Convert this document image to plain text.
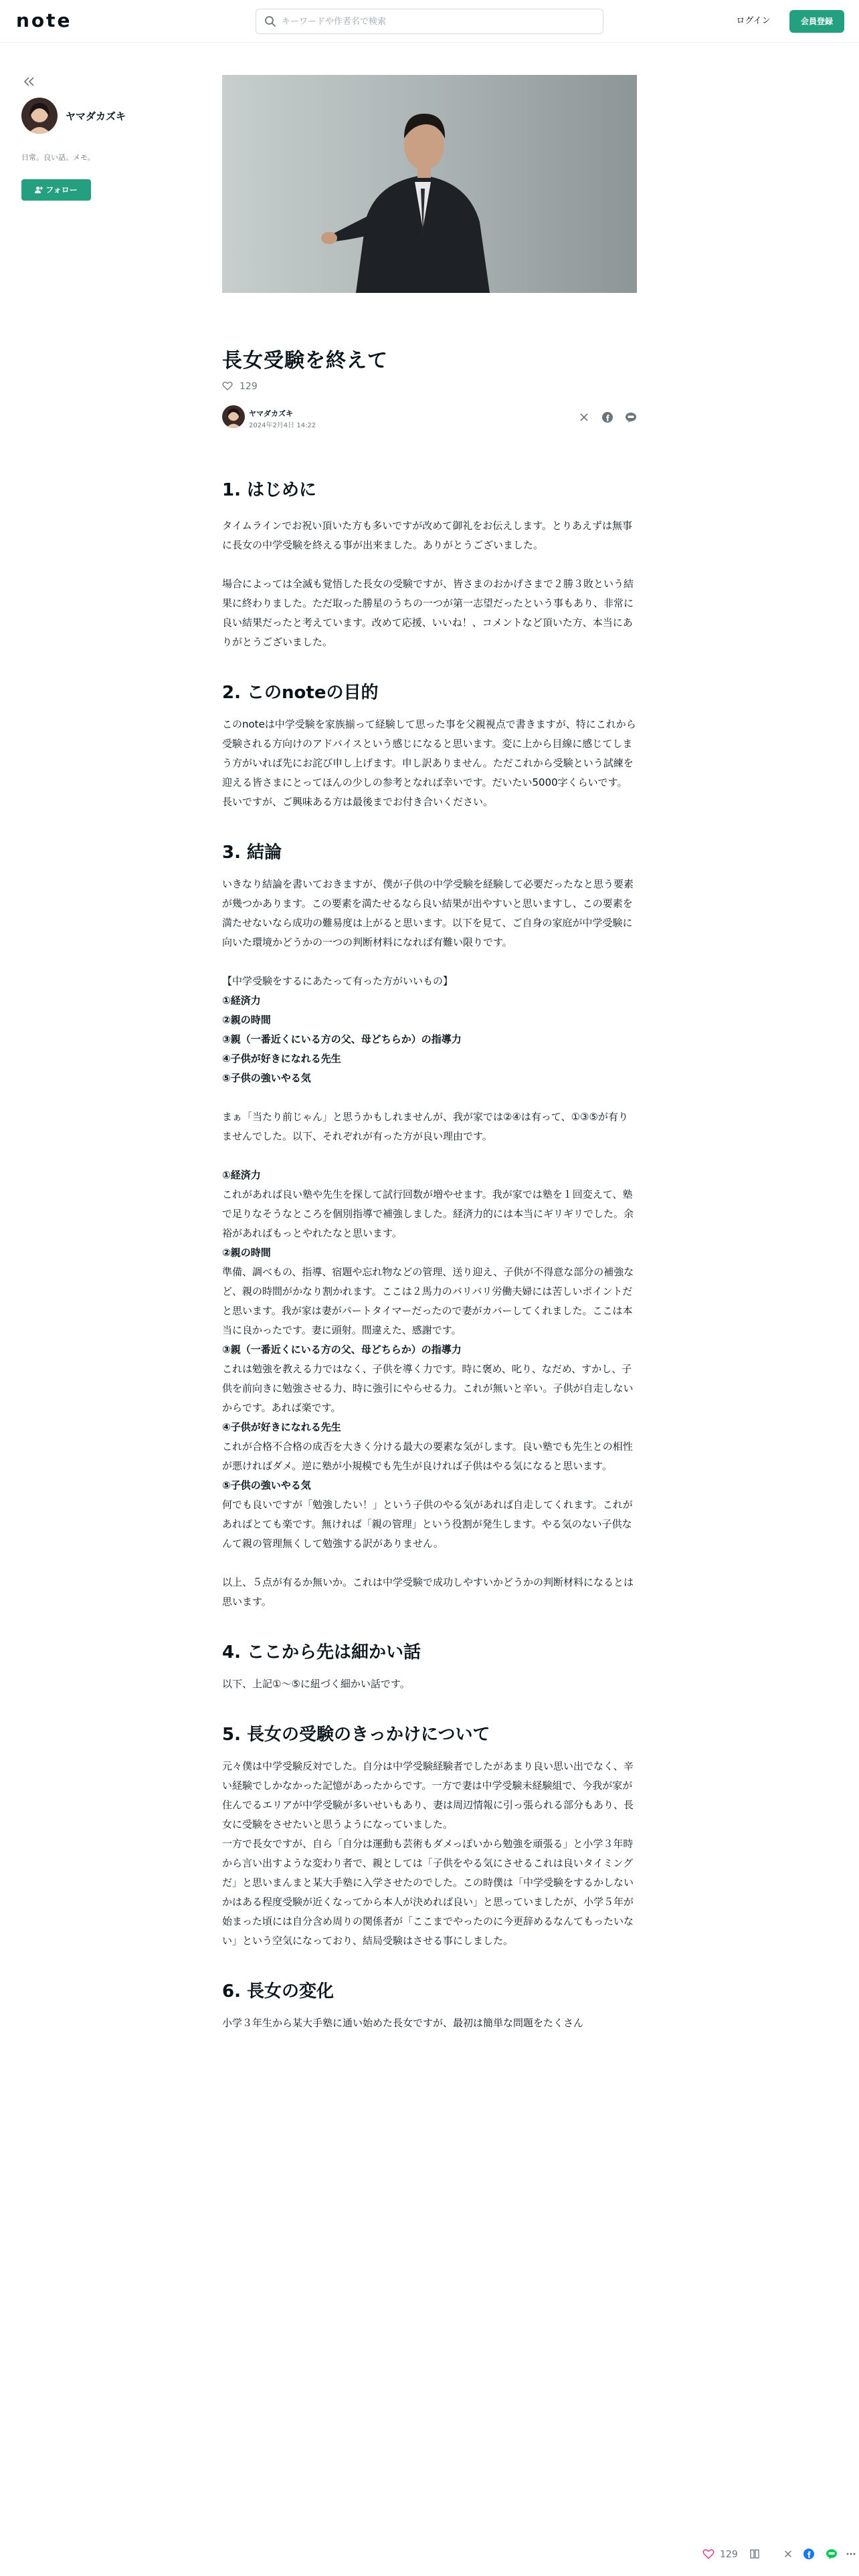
note
キーワードや作者名で検索	ログイン	会員登録
ヤマダカズキ
日常。良い話。メモ。
フォロー
長女受験を終えて
129
ヤマダカズキ
2024年2月4日 14:22

1. はじめに

タイムラインでお祝い頂いた方も多いですが改めて御礼をお伝えします。とりあえずは無事に長女の中学受験を終える事が出来ました。ありがとうございました。

場合によっては全滅も覚悟した長女の受験ですが、皆さまのおかげさまで２勝３敗という結果に終わりました。ただ取った勝星のうちの一つが第一志望だったという事もあり、非常に良い結果だったと考えています。改めて応援、いいね！、コメントなど頂いた方、本当にありがとうございました。

2. このnoteの目的

このnoteは中学受験を家族揃って経験して思った事を父親視点で書きますが、特にこれから受験される方向けのアドバイスという感じになると思います。変に上から目線に感じてしまう方がいれば先にお詫び申し上げます。申し訳ありません。ただこれから受験という試練を迎える皆さまにとってほんの少しの参考となれば幸いです。だいたい5000字くらいです。長いですが、ご興味ある方は最後までお付き合いください。

3. 結論

いきなり結論を書いておきますが、僕が子供の中学受験を経験して必要だったなと思う要素が幾つかあります。この要素を満たせるなら良い結果が出やすいと思いますし、この要素を満たせないなら成功の難易度は上がると思います。以下を見て、ご自身の家庭が中学受験に向いた環境かどうかの一つの判断材料になれば有難い限りです。

【中学受験をするにあたって有った方がいいもの】

①経済力

②親の時間

③親（一番近くにいる方の父、母どちらか）の指導力

④子供が好きになれる先生

⑤子供の強いやる気

まぁ「当たり前じゃん」と思うかもしれませんが、我が家では②④は有って、①③⑤が有りませんでした。以下、それぞれが有った方が良い理由です。

①経済力

これがあれば良い塾や先生を探して試行回数が増やせます。我が家では塾を１回変えて、塾で足りなそうなところを個別指導で補強しました。経済力的には本当にギリギリでした。余裕があればもっとやれたなと思います。

②親の時間

準備、調べもの、指導、宿題や忘れ物などの管理、送り迎え、子供が不得意な部分の補強など、親の時間がかなり割かれます。ここは２馬力のバリバリ労働夫婦には苦しいポイントだと思います。我が家は妻がパートタイマーだったので妻がカバーしてくれました。ここは本当に良かったです。妻に頭射。間違えた、感謝です。

③親（一番近くにいる方の父、母どちらか）の指導力

これは勉強を教える力ではなく、子供を導く力です。時に褒め、叱り、なだめ、すかし、子供を前向きに勉強させる力、時に強引にやらせる力。これが無いと辛い。子供が自走しないからです。あれば楽です。

④子供が好きになれる先生

これが合格不合格の成否を大きく分ける最大の要素な気がします。良い塾でも先生との相性が悪ければダメ。逆に塾が小規模でも先生が良ければ子供はやる気になると思います。

⑤子供の強いやる気

何でも良いですが「勉強したい！」という子供のやる気があれば自走してくれます。これがあればとても楽です。無ければ「親の管理」という役割が発生します。やる気のない子供なんて親の管理無くして勉強する訳がありません。

以上、５点が有るか無いか。これは中学受験で成功しやすいかどうかの判断材料になるとは思います。

4. ここから先は細かい話

以下、上記①〜⑤に紐づく細かい話です。

5. 長女の受験のきっかけについて

元々僕は中学受験反対でした。自分は中学受験経験者でしたがあまり良い思い出でなく、辛い経験でしかなかった記憶があったからです。一方で妻は中学受験未経験組で、今我が家が住んでるエリアが中学受験が多いせいもあり、妻は周辺情報に引っ張られる部分もあり、長女に受験をさせたいと思うようになっていました。

一方で長女ですが、自ら「自分は運動も芸術もダメっぽいから勉強を頑張る」と小学３年時から言い出すような変わり者で、親としては「子供をやる気にさせるこれは良いタイミングだ」と思いまんまと某大手塾に入学させたのでした。この時僕は「中学受験をするかしないかはある程度受験が近くなってから本人が決めれば良い」と思っていましたが、小学５年が始まった頃には自分含め周りの関係者が「ここまでやったのに今更辞めるなんてもったいない」という空気になっており、結局受験はさせる事にしました。

6. 長女の変化

小学３年生から某大手塾に通い始めた長女ですが、最初は簡単な問題をたくさん

129
